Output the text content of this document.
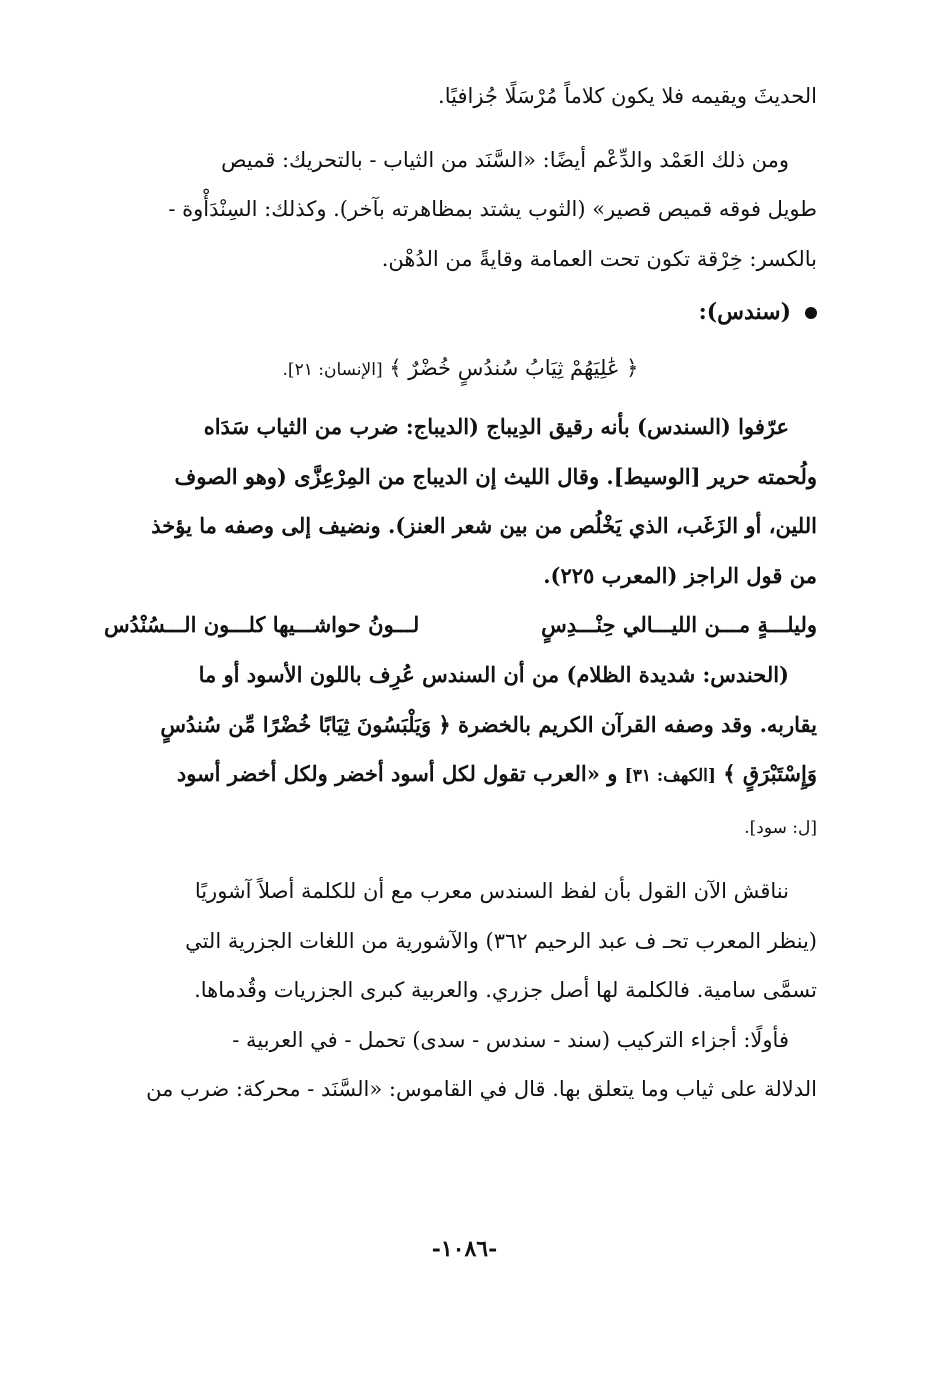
الحديثَ ويقيمه فلا يكون كلاماً مُرْسَلًا جُزافيًا.

ومن ذلك العَمْد والدِّعْم أيضًا: «السَّنَد من الثياب - بالتحريك: قميص

طويل فوقه قميص قصير» (الثوب يشتد بمظاهرته بآخر). وكذلك: السِنْدَأْوة -

بالكسر: خِرْقة تكون تحت العمامة وقايةً من الدُهْن.

(سندس):

﴿ عَٰلِيَهُمْ ثِيَابُ سُندُسٍ خُضْرٌ ﴾ [الإنسان: ٢١].

عرّفوا (السندس) بأنه رقيق الدِيباج (الديباج: ضرب من الثياب سَدَاه

ولُحمته حرير [الوسيط]. وقال الليث إن الديباج من المِرْعِزَّى (وهو الصوف

اللين، أو الزَغَب، الذي يَخْلُص من بين شعر العنز). ونضيف إلى وصفه ما يؤخذ

من قول الراجز (المعرب ٢٢٥).

وليلـــةٍ مـــن الليـــالي حِنْـــدِسٍ
لـــونُ حواشـــيها كلـــون الـــسُنْدُس

(الحندس: شديدة الظلام) من أن السندس عُرِف باللون الأسود أو ما

يقاربه. وقد وصفه القرآن الكريم بالخضرة ﴿ وَيَلْبَسُونَ ثِيَابًا خُضْرًا مِّن سُندُسٍ

وَإِسْتَبْرَقٍ ﴾ [الكهف: ٣١] و «العرب تقول لكل أسود أخضر ولكل أخضر أسود

[ل: سود].

نناقش الآن القول بأن لفظ السندس معرب مع أن للكلمة أصلاً آشوريًا

(ينظر المعرب تحـ ف عبد الرحيم ٣٦٢) والآشورية من اللغات الجزرية التي

تسمَّى سامية. فالكلمة لها أصل جزري. والعربية كبرى الجزريات وقُدماها.

فأولًا: أجزاء التركيب (سند - سندس - سدى) تحمل - في العربية -

الدلالة على ثياب وما يتعلق بها. قال في القاموس: «السَّنَد - محركة: ضرب من

-١٠٨٦-
